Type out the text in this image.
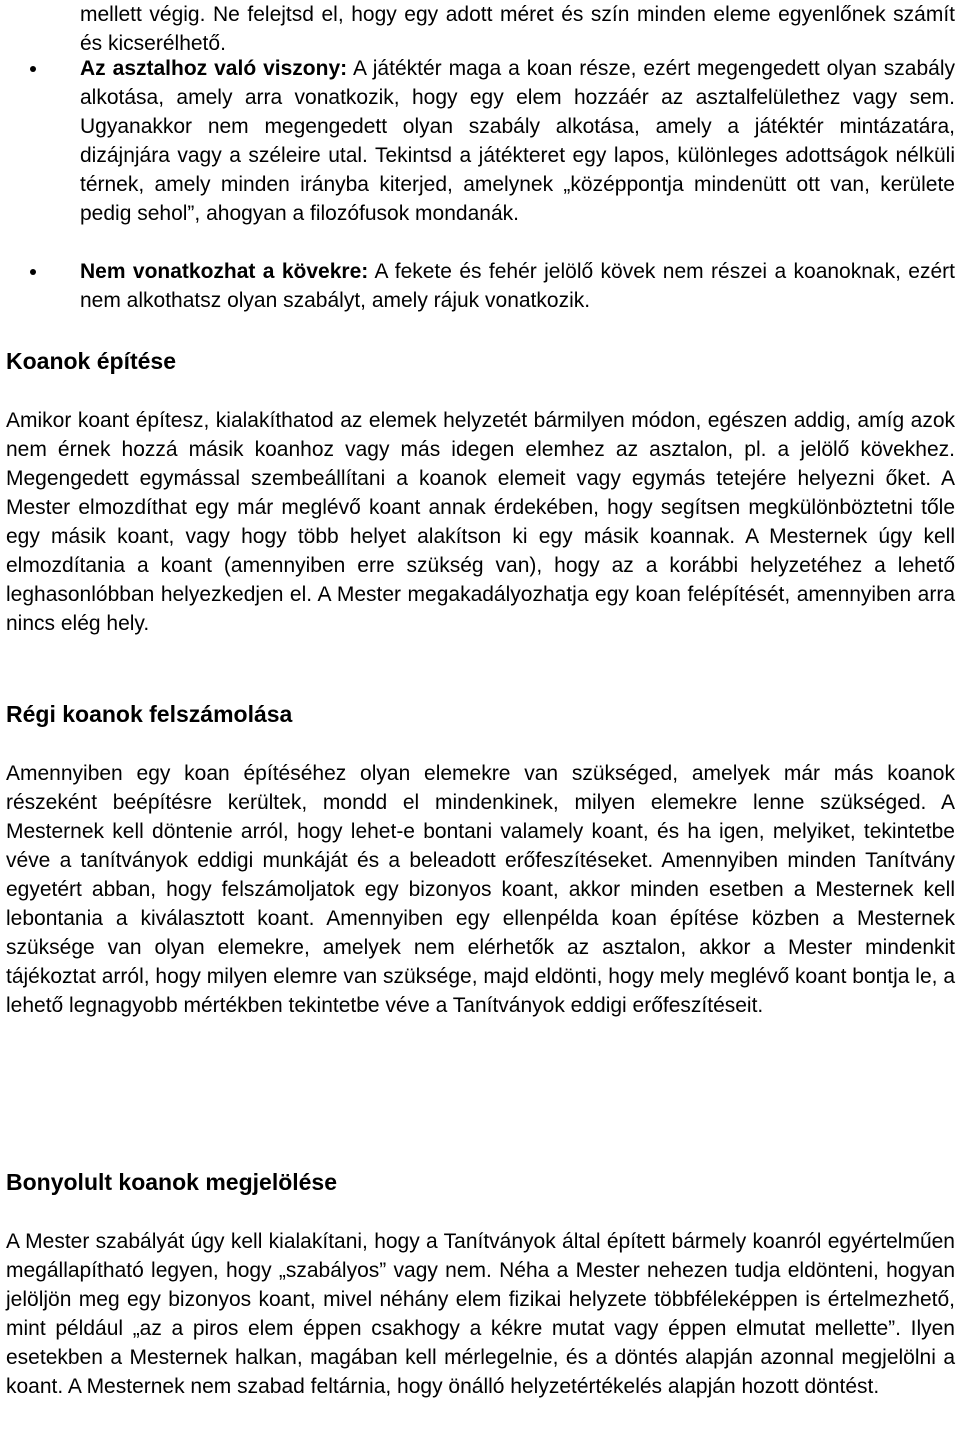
mellett végig. Ne felejtsd el, hogy egy adott méret és szín minden eleme egyenlőnek számít és kicserélhető.

Az asztalhoz való viszony: A játéktér maga a koan része, ezért megengedett olyan szabály alkotása, amely arra vonatkozik, hogy egy elem hozzáér az asztalfelülethez vagy sem. Ugyanakkor nem megengedett olyan szabály alkotása, amely a játéktér mintázatára, dizájnjára vagy a széleire utal. Tekintsd a játékteret egy lapos, különleges adottságok nélküli térnek, amely minden irányba kiterjed, amelynek „középpontja mindenütt ott van, kerülete pedig sehol”, ahogyan a filozófusok mondanák.

Nem vonatkozhat a kövekre: A fekete és fehér jelölő kövek nem részei a koanoknak, ezért nem alkothatsz olyan szabályt, amely rájuk vonatkozik.

Koanok építése

Amikor koant építesz, kialakíthatod az elemek helyzetét bármilyen módon, egészen addig, amíg azok nem érnek hozzá másik koanhoz vagy más idegen elemhez az asztalon, pl. a jelölő kövekhez. Megengedett egymással szembeállítani a koanok elemeit vagy egymás tetejére helyezni őket. A Mester elmozdíthat egy már meglévő koant annak érdekében, hogy segítsen megkülönböztetni tőle egy másik koant, vagy hogy több helyet alakítson ki egy másik koannak. A Mesternek úgy kell elmozdítania a koant (amennyiben erre szükség van), hogy az a korábbi helyzetéhez a lehető leghasonlóbban helyezkedjen el. A Mester megakadályozhatja egy koan felépítését, amennyiben arra nincs elég hely.

Régi koanok felszámolása

Amennyiben egy koan építéséhez olyan elemekre van szükséged, amelyek már más koanok részeként beépítésre kerültek, mondd el mindenkinek, milyen elemekre lenne szükséged. A Mesternek kell döntenie arról, hogy lehet-e bontani valamely koant, és ha igen, melyiket, tekintetbe véve a tanítványok eddigi munkáját és a beleadott erőfeszítéseket. Amennyiben minden Tanítvány egyetért abban, hogy felszámoljatok egy bizonyos koant, akkor minden esetben a Mesternek kell lebontania a kiválasztott koant. Amennyiben egy ellenpélda koan építése közben a Mesternek szüksége van olyan elemekre, amelyek nem elérhetők az asztalon, akkor a Mester mindenkit tájékoztat arról, hogy milyen elemre van szüksége, majd eldönti, hogy mely meglévő koant bontja le, a lehető legnagyobb mértékben tekintetbe véve a Tanítványok eddigi erőfeszítéseit.

Bonyolult koanok megjelölése

A Mester szabályát úgy kell kialakítani, hogy a Tanítványok által épített bármely koanról egyértelműen megállapítható legyen, hogy „szabályos” vagy nem. Néha a Mester nehezen tudja eldönteni, hogyan jelöljön meg egy bizonyos koant, mivel néhány elem fizikai helyzete többféleképpen is értelmezhető, mint például „az a piros elem éppen csakhogy a kékre mutat vagy éppen elmutat mellette”. Ilyen esetekben a Mesternek halkan, magában kell mérlegelnie, és a döntés alapján azonnal megjelölni a koant. A Mesternek nem szabad feltárnia, hogy önálló helyzetértékelés alapján hozott döntést.
